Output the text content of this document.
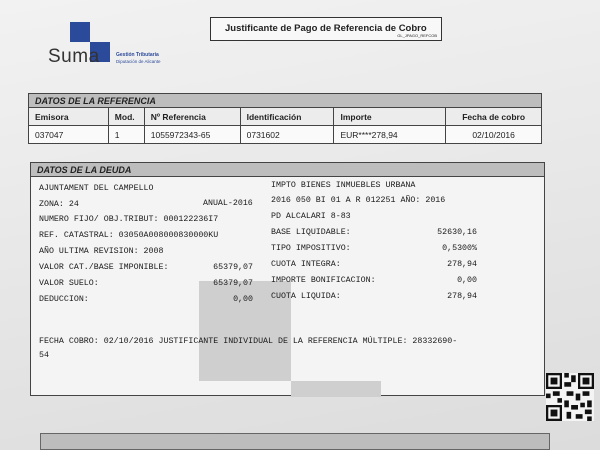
Suma	Gestión Tributaria
Diputación de Alicante
Justificante de Pago de Referencia de Cobro
GL_JPAGO_REFCOB
DATOS DE LA REFERENCIA
Emisora	Mod.	Nº Referencia	Identificación	Importe	Fecha de cobro
037047	1	1055972343-65	0731602	EUR****278,94	02/10/2016
DATOS DE LA DEUDA
AJUNTAMENT DEL CAMPELLO
ZONA: 24	ANUAL-2016
NUMERO FIJO/ OBJ.TRIBUT: 000122236I7
REF. CATASTRAL: 03050A008000830000KU
AÑO ULTIMA REVISION: 2008
VALOR CAT./BASE IMPONIBLE:	65379,07
VALOR SUELO:	65379,07
DEDUCCION:	0,00
IMPTO BIENES INMUEBLES URBANA
2016 050 BI 01 A R 012251 AÑO: 2016
PD ALCALARI 8-83
BASE LIQUIDABLE:	52630,16
TIPO IMPOSITIVO:	0,5300%
CUOTA INTEGRA:	278,94
IMPORTE BONIFICACION:	0,00
CUOTA LIQUIDA:	278,94
FECHA COBRO: 02/10/2016 JUSTIFICANTE INDIVIDUAL DE LA REFERENCIA MÚLTIPLE: 28332690-
54
